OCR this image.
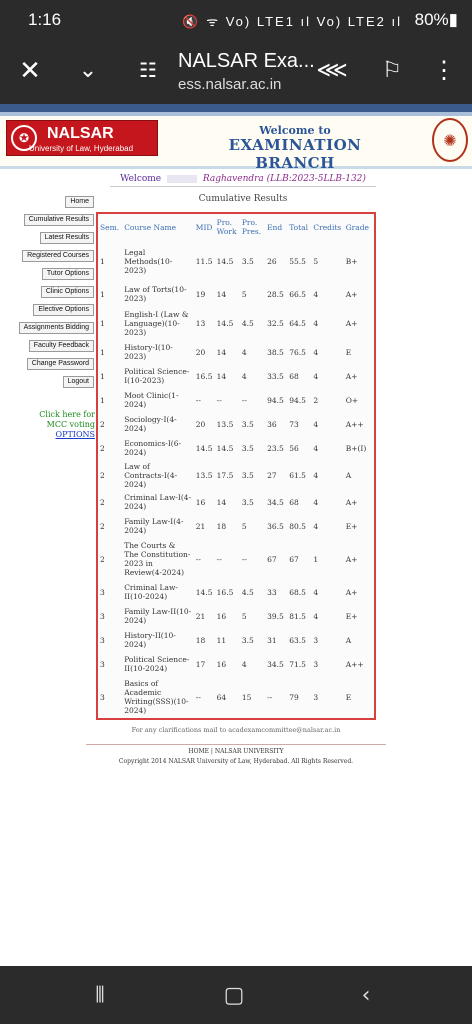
1:16	🔇 ᯤ Vo) LTE1 ıl Vo) LTE2 ıl 80%▮
✕	⌄	☷	NALSAR Exa...
ess.nalsar.ac.in
⋘ ⚐ ⋮
✪	NALSAR
University of Law, Hyderabad
Welcome to
EXAMINATION BRANCH
✺
Welcome	Raghavendra (LLB:2023-5LLB-132)
Cumulative Results
Home
Cumulative Results
Latest Results
Registered Courses
Tutor Options
Clinic Options
Elective Options
Assignments Bidding
Faculty Feedback
Change Password
Logout
Click here for MCC voting OPTIONS
Sem.	Course Name	MID	Pro. Work	Pro. Pres.	End	Total	Credits	Grade
1	Legal Methods(10-2023)	11.5	14.5	3.5	26	55.5	5	B+
1	Law of Torts(10-2023)	19	14	5	28.5	66.5	4	A+
1	English-I (Law & Language)(10-2023)	13	14.5	4.5	32.5	64.5	4	A+
1	History-I(10-2023)	20	14	4	38.5	76.5	4	E
1	Political Science-I(10-2023)	16.5	14	4	33.5	68	4	A+
1	Moot Clinic(1-2024)	--	--	--	94.5	94.5	2	O+
2	Sociology-I(4-2024)	20	13.5	3.5	36	73	4	A++
2	Economics-I(6-2024)	14.5	14.5	3.5	23.5	56	4	B+(I)
2	Law of Contracts-I(4-2024)	13.5	17.5	3.5	27	61.5	4	A
2	Criminal Law-I(4-2024)	16	14	3.5	34.5	68	4	A+
2	Family Law-I(4-2024)	21	18	5	36.5	80.5	4	E+
2	The Courts & The Constitution-2023 in Review(4-2024)	--	--	--	67	67	1	A+
3	Criminal Law-II(10-2024)	14.5	16.5	4.5	33	68.5	4	A+
3	Family Law-II(10-2024)	21	16	5	39.5	81.5	4	E+
3	History-II(10-2024)	18	11	3.5	31	63.5	3	A
3	Political Science-II(10-2024)	17	16	4	34.5	71.5	3	A++
3	Basics of Academic Writing(SSS)(10-2024)	--	64	15	--	79	3	E
For any clarifications mail to acadexamcommittee@nalsar.ac.in
HOME | NALSAR UNIVERSITY
Copyright 2014 NALSAR University of Law, Hyderabad. All Rights Reserved.
⦀	▢	‹
